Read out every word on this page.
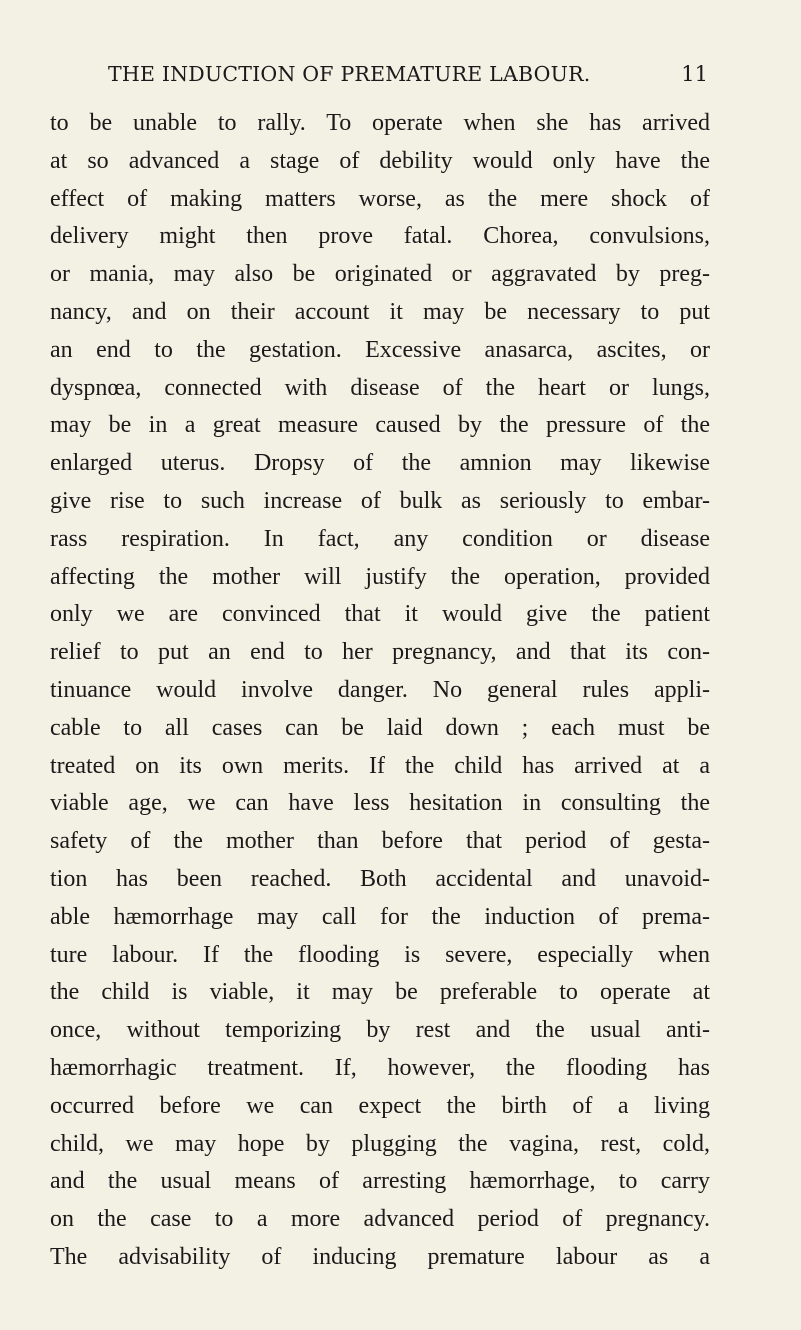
THE INDUCTION OF PREMATURE LABOUR.	11
to be unable to rally. To operate when she has arrived
at so advanced a stage of debility would only have the
effect of making matters worse, as the mere shock of
delivery might then prove fatal. Chorea, convulsions,
or mania, may also be originated or aggravated by preg-
nancy, and on their account it may be necessary to put
an end to the gestation. Excessive anasarca, ascites, or
dyspnœa, connected with disease of the heart or lungs,
may be in a great measure caused by the pressure of the
enlarged uterus. Dropsy of the amnion may likewise
give rise to such increase of bulk as seriously to embar-
rass respiration. In fact, any condition or disease
affecting the mother will justify the operation, provided
only we are convinced that it would give the patient
relief to put an end to her pregnancy, and that its con-
tinuance would involve danger. No general rules appli-
cable to all cases can be laid down ; each must be
treated on its own merits. If the child has arrived at a
viable age, we can have less hesitation in consulting the
safety of the mother than before that period of gesta-
tion has been reached. Both accidental and unavoid-
able hæmorrhage may call for the induction of prema-
ture labour. If the flooding is severe, especially when
the child is viable, it may be preferable to operate at
once, without temporizing by rest and the usual anti-
hæmorrhagic treatment. If, however, the flooding has
occurred before we can expect the birth of a living
child, we may hope by plugging the vagina, rest, cold,
and the usual means of arresting hæmorrhage, to carry
on the case to a more advanced period of pregnancy.
The advisability of inducing premature labour as a
